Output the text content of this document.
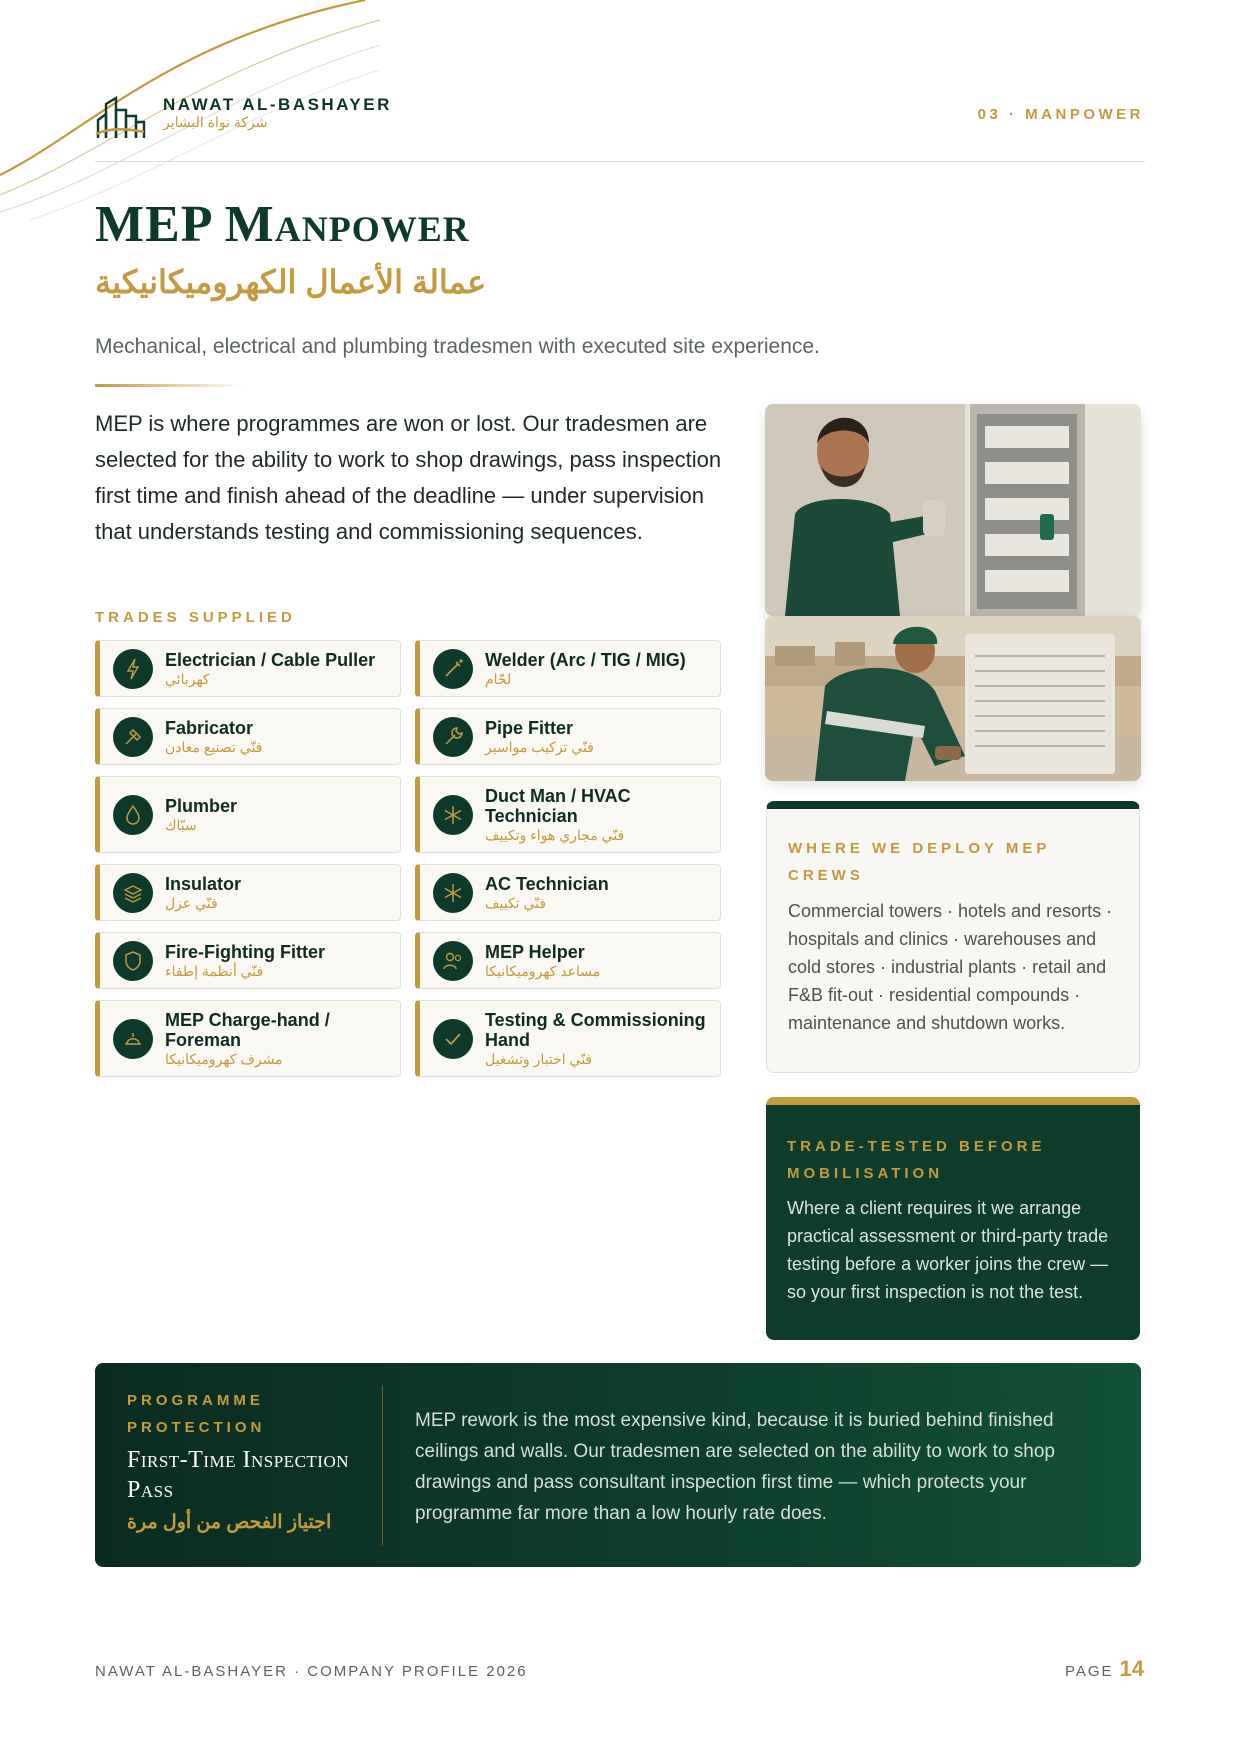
NAWAT AL-BASHAYER
شركة نواة البشاير	03 · MANPOWER
MEP Manpower
عمالة الأعمال الكهروميكانيكية
Mechanical, electrical and plumbing tradesmen with executed site experience.
MEP is where programmes are won or lost. Our tradesmen are selected for the ability to work to shop drawings, pass inspection first time and finish ahead of the deadline — under supervision that understands testing and commissioning sequences.
TRADES SUPPLIED
Electrician / Cable Puller
كهربائي
Welder (Arc / TIG / MIG)
لحّام
Fabricator
فنّي تصنيع معادن
Pipe Fitter
فنّي تركيب مواسير
Plumber
سبّاك
Duct Man / HVAC Technician
فنّي مجاري هواء وتكييف
Insulator
فنّي عزل
AC Technician
فنّي تكييف
Fire-Fighting Fitter
فنّي أنظمة إطفاء
MEP Helper
مساعد كهروميكانيكا
MEP Charge-hand / Foreman
مشرف كهروميكانيكا
Testing & Commissioning Hand
فنّي اختبار وتشغيل
WHERE WE DEPLOY MEP CREWS
Commercial towers · hotels and resorts · hospitals and clinics · warehouses and cold stores · industrial plants · retail and F&B fit-out · residential compounds · maintenance and shutdown works.
TRADE-TESTED BEFORE MOBILISATION
Where a client requires it we arrange practical assessment or third-party trade testing before a worker joins the crew — so your first inspection is not the test.
PROGRAMME PROTECTION
First-Time Inspection Pass
اجتياز الفحص من أول مرة
MEP rework is the most expensive kind, because it is buried behind finished ceilings and walls. Our tradesmen are selected on the ability to work to shop drawings and pass consultant inspection first time — which protects your programme far more than a low hourly rate does.
NAWAT AL-BASHAYER · COMPANY PROFILE 2026	PAGE 14
